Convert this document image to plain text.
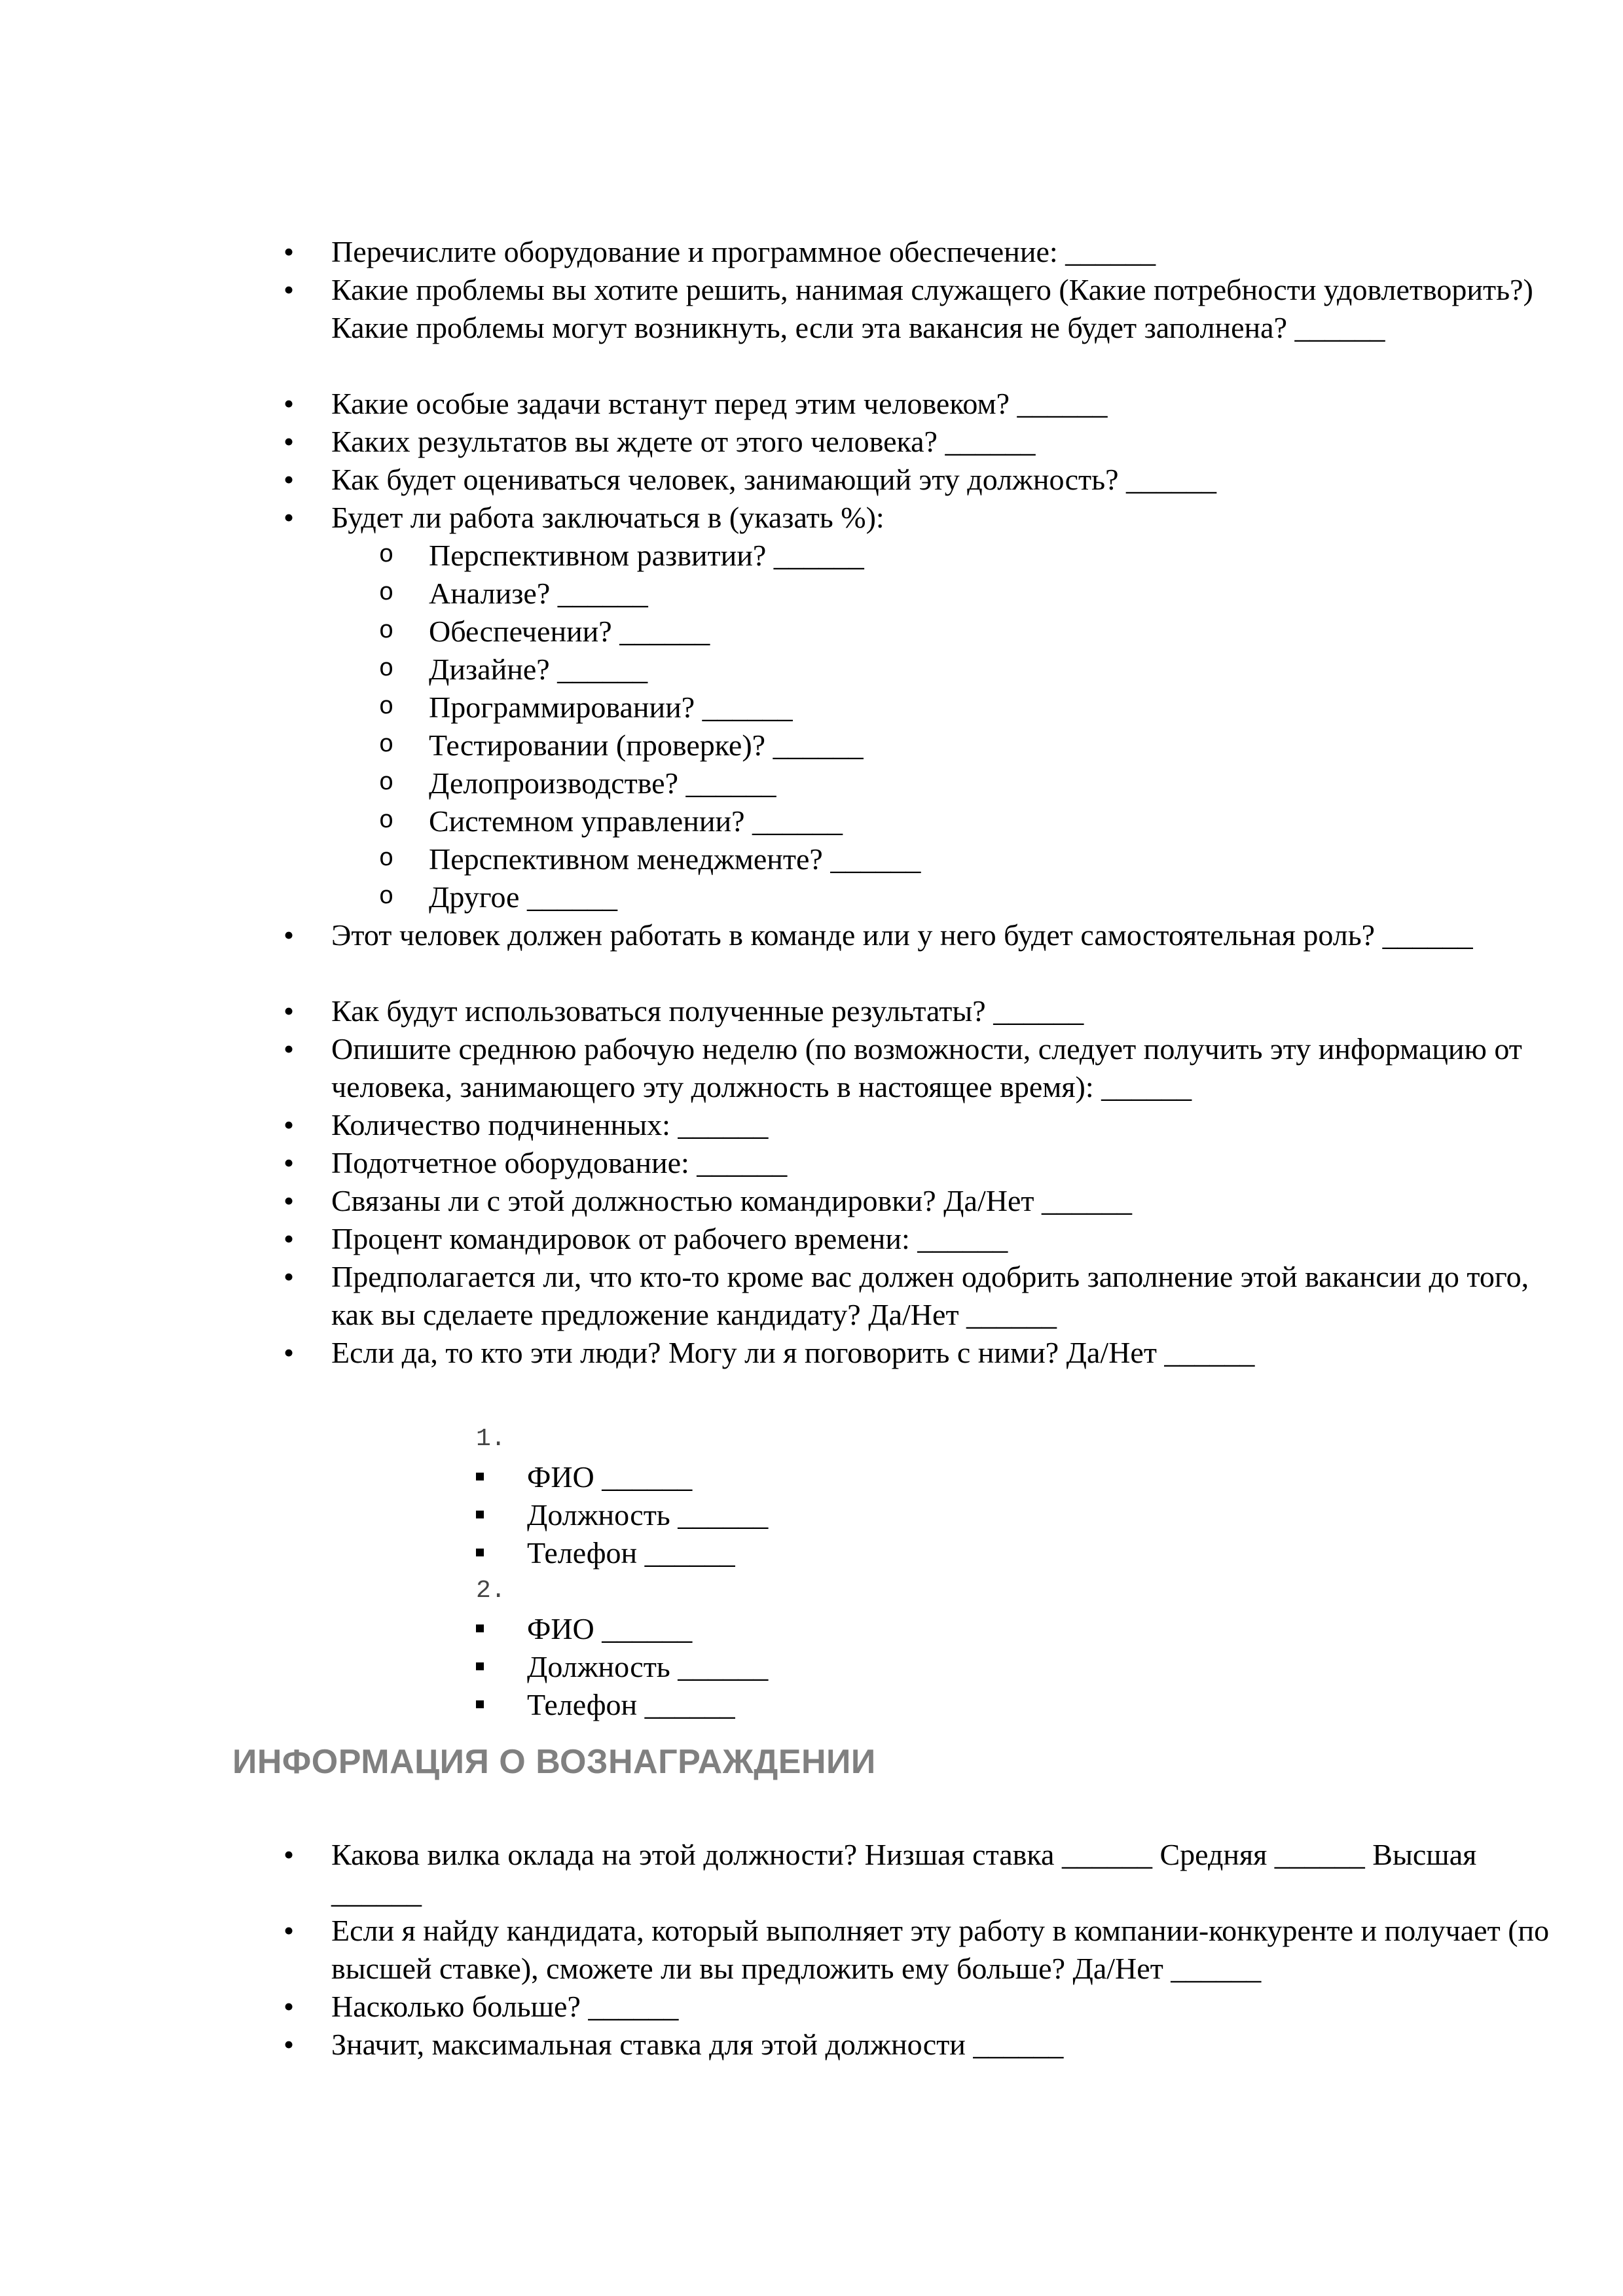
• Перечислите оборудование и программное обеспечение: ______
• Какие проблемы вы хотите решить, нанимая служащего (Какие потребности удовлетворить?) Какие проблемы могут возникнуть, если эта вакансия не будет заполнена? ______
• Какие особые задачи встанут перед этим человеком? ______
• Каких результатов вы ждете от этого человека? ______
• Как будет оцениваться человек, занимающий эту должность? ______
• Будет ли работа заключаться в (указать %):
o Перспективном развитии? ______
o Анализе? ______
o Обеспечении? ______
o Дизайне? ______
o Программировании? ______
o Тестировании (проверке)? ______
o Делопроизводстве? ______
o Системном управлении? ______
o Перспективном менеджменте? ______
o Другое ______
• Этот человек должен работать в команде или у него будет самостоятельная роль? ______
• Как будут использоваться полученные результаты? ______
• Опишите среднюю рабочую неделю (по возможности, следует получить эту информацию от человека, занимающего эту должность в настоящее время): ______
• Количество подчиненных: ______
• Подотчетное оборудование: ______
• Связаны ли с этой должностью командировки? Да/Нет ______
• Процент командировок от рабочего времени: ______
• Предполагается ли, что кто-то кроме вас должен одобрить заполнение этой вакансии до того, как вы сделаете предложение кандидату? Да/Нет ______
• Если да, то кто эти люди? Могу ли я поговорить с ними? Да/Нет ______
1.
ФИО ______
Должность ______
Телефон ______
2.
ФИО ______
Должность ______
Телефон ______
ИНФОРМАЦИЯ О ВОЗНАГРАЖДЕНИИ
• Какова вилка оклада на этой должности? Низшая ставка ______ Средняя ______ Высшая ______
• Если я найду кандидата, который выполняет эту работу в компании-конкуренте и получает (по высшей ставке), сможете ли вы предложить ему больше? Да/Нет ______
• Насколько больше? ______
• Значит, максимальная ставка для этой должности ______
